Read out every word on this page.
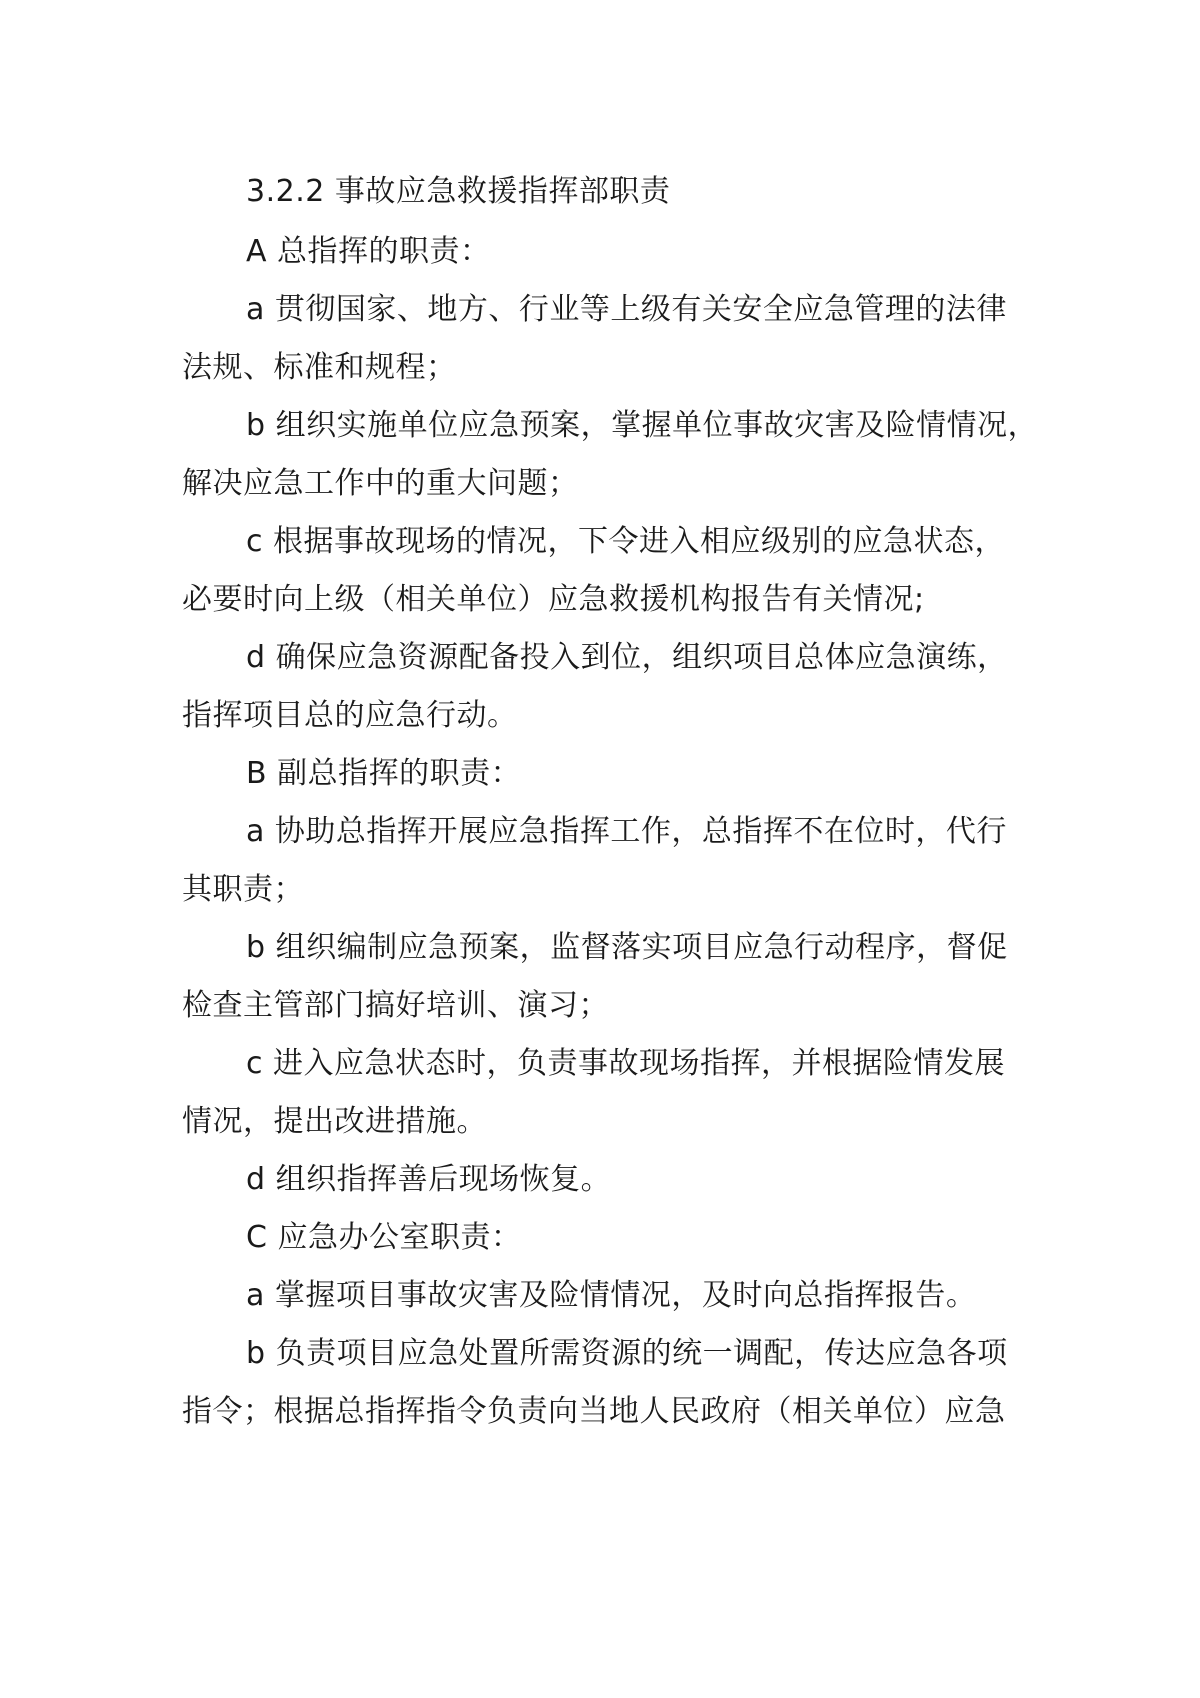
3.2.2 事故应急救援指挥部职责
A 总指挥的职责：
a 贯彻国家、地方、行业等上级有关安全应急管理的法律
法规、标准和规程；
b 组织实施单位应急预案，掌握单位事故灾害及险情情况，
解决应急工作中的重大问题；
c 根据事故现场的情况，下令进入相应级别的应急状态，
必要时向上级（相关单位）应急救援机构报告有关情况;
d 确保应急资源配备投入到位，组织项目总体应急演练，
指挥项目总的应急行动。
B 副总指挥的职责：
a 协助总指挥开展应急指挥工作，总指挥不在位时，代行
其职责；
b 组织编制应急预案，监督落实项目应急行动程序，督促
检查主管部门搞好培训、演习；
c 进入应急状态时，负责事故现场指挥，并根据险情发展
情况，提出改进措施。
d 组织指挥善后现场恢复。
C 应急办公室职责：
a 掌握项目事故灾害及险情情况，及时向总指挥报告。
b 负责项目应急处置所需资源的统一调配，传达应急各项
指令；根据总指挥指令负责向当地人民政府（相关单位）应急
